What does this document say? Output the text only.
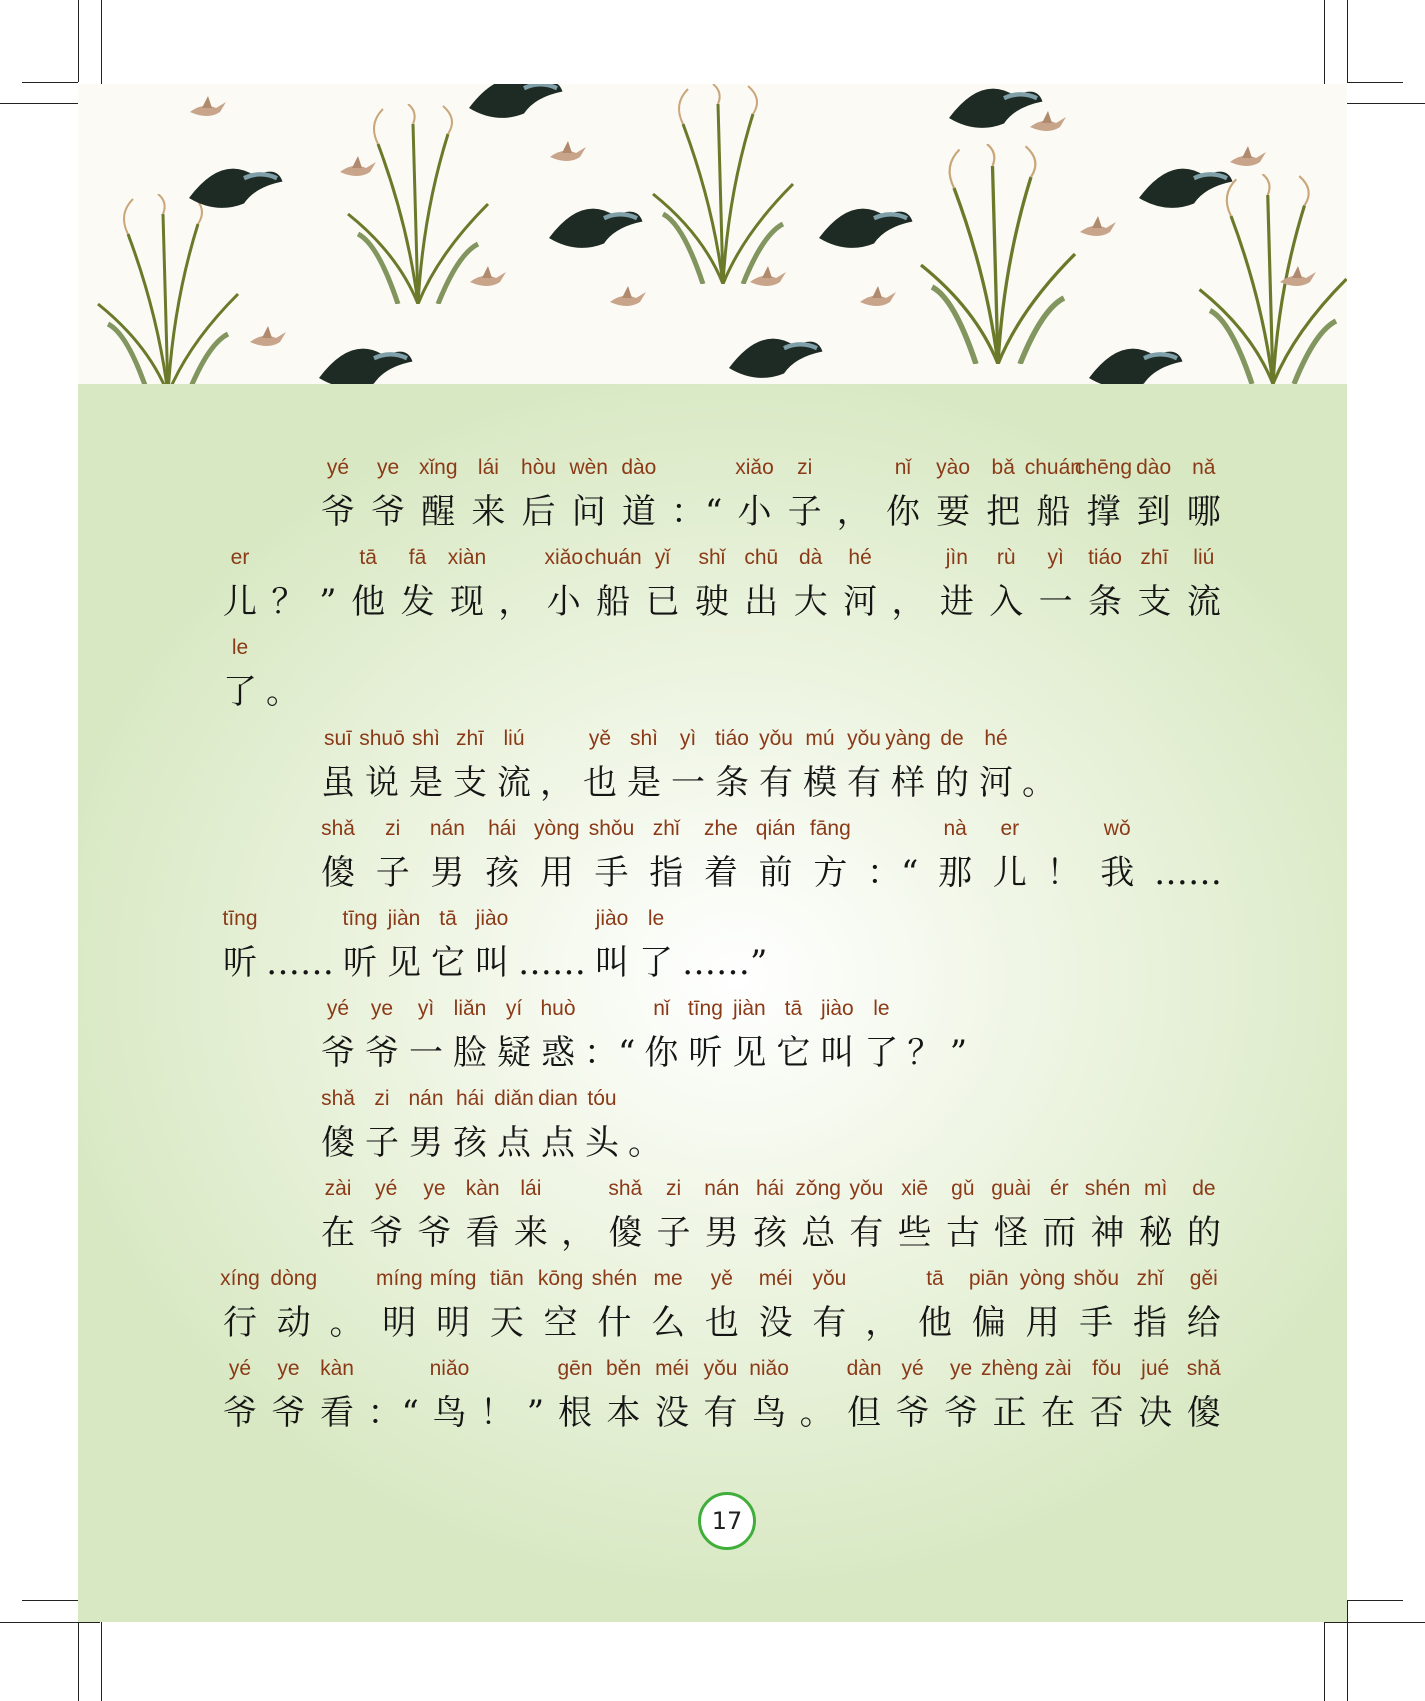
yé
爷
ye
爷
xǐng
醒
lái
来
hòu
后
wèn
问
dào
道 ：“
xiǎo
小
zi
子 ，
nǐ
你
yào
要
bǎ
把
chuán
船
chēng
撑
dào
到
nǎ
哪
er
儿 ？ ”
tā
他
fā
发
xiàn
现 ，
xiǎo
小
chuán
船
yǐ
已
shǐ
驶
chū
出
dà
大
hé
河 ，
jìn
进
rù
入
yì
一
tiáo
条
zhī
支
liú
流
le
了 。
suī
虽
shuō
说
shì
是
zhī
支
liú
流 ，
yě
也
shì
是
yì
一
tiáo
条
yǒu
有
mú
模
yǒu
有
yàng
样
de
的
hé
河 。
shǎ
傻
zi
子
nán
男
hái
孩
yòng
用
shǒu
手
zhǐ
指
zhe
着
qián
前
fāng
方 ：“
nà
那
er
儿 ！
wǒ
我 ……
tīng
听 ……
tīng
听
jiàn
见
tā
它
jiào
叫 ……
jiào
叫
le
了 ……”
yé
爷
ye
爷
yì
一
liǎn
脸
yí
疑
huò
惑 ：“
nǐ
你
tīng
听
jiàn
见
tā
它
jiào
叫
le
了 ？ ”
shǎ
傻
zi
子
nán
男
hái
孩
diǎn
点
dian
点
tóu
头 。
zài
在
yé
爷
ye
爷
kàn
看
lái
来 ，
shǎ
傻
zi
子
nán
男
hái
孩
zǒng
总
yǒu
有
xiē
些
gǔ
古
guài
怪
ér
而
shén
神
mì
秘
de
的
xíng
行
dòng
动 。
míng
明
míng
明
tiān
天
kōng
空
shén
什
me
么
yě
也
méi
没
yǒu
有 ，
tā
他
piān
偏
yòng
用
shǒu
手
zhǐ
指
gěi
给
yé
爷
ye
爷
kàn
看 ：“
niǎo
鸟 ！ ”
gēn
根
běn
本
méi
没
yǒu
有
niǎo
鸟 。
dàn
但
yé
爷
ye
爷
zhèng
正
zài
在
fǒu
否
jué
决
shǎ
傻
17
